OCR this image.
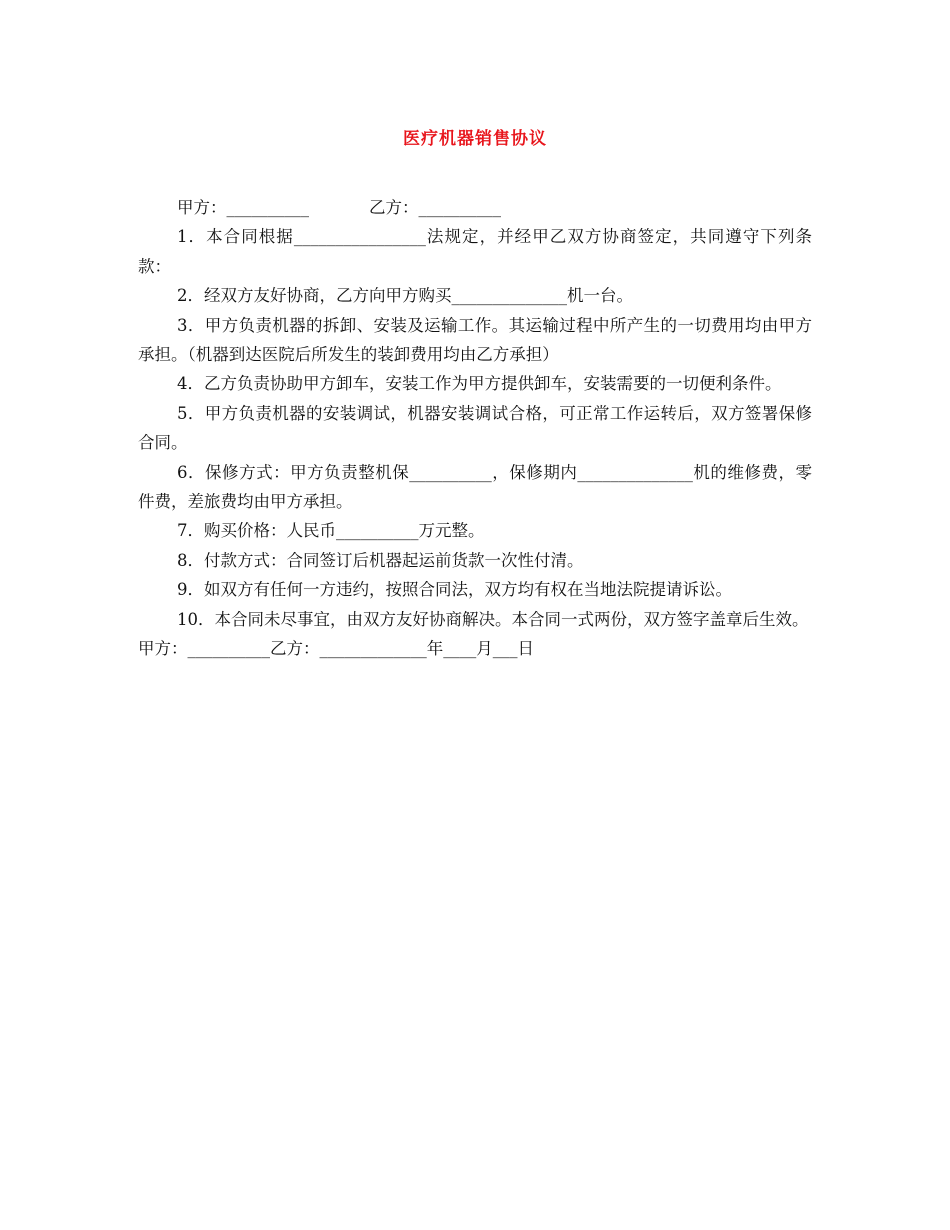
医疗机器销售协议

甲方：__________	乙方：__________

1．本合同根据________________法规定，并经甲乙双方协商签定，共同遵守下列条款：

2．经双方友好协商，乙方向甲方购买______________机一台。

3．甲方负责机器的拆卸、安装及运输工作。其运输过程中所产生的一切费用均由甲方承担。（机器到达医院后所发生的装卸费用均由乙方承担）

4．乙方负责协助甲方卸车，安装工作为甲方提供卸车，安装需要的一切便利条件。

5．甲方负责机器的安装调试，机器安装调试合格，可正常工作运转后，双方签署保修合同。

6．保修方式：甲方负责整机保__________，保修期内______________机的维修费，零件费，差旅费均由甲方承担。

7．购买价格：人民币__________万元整。

8．付款方式：合同签订后机器起运前货款一次性付清。

9．如双方有任何一方违约，按照合同法，双方均有权在当地法院提请诉讼。

10．本合同未尽事宜，由双方友好协商解决。本合同一式两份，双方签字盖章后生效。

甲方：__________乙方：_____________年____月___日
